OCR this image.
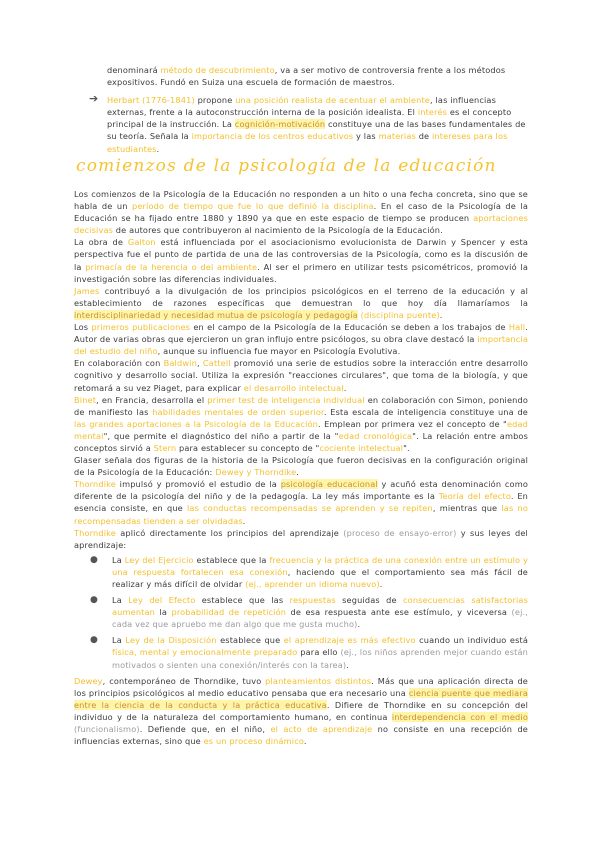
denominará método de descubrimiento, va a ser motivo de controversia frente a los métodos expositivos. Fundó en Suiza una escuela de formación de maestros.
➔ Herbart (1776-1841) propone una posición realista de acentuar el ambiente, las influencias externas, frente a la autoconstrucción interna de la posición idealista. El interés es el concepto principal de la instrucción. La cognición-motivación constituye una de las bases fundamentales de su teoría. Señala la importancia de los centros educativos y las materias de intereses para los estudiantes.
comienzos de la psicología de la educación

Los comienzos de la Psicología de la Educación no responden a un hito o una fecha concreta, sino que se habla de un período de tiempo que fue lo que definió la disciplina. En el caso de la Psicología de la Educación se ha fijado entre 1880 y 1890 ya que en este espacio de tiempo se producen aportaciones decisivas de autores que contribuyeron al nacimiento de la Psicología de la Educación.

La obra de Galton está influenciada por el asociacionismo evolucionista de Darwin y Spencer y esta perspectiva fue el punto de partida de una de las controversias de la Psicología, como es la discusión de la primacía de la herencia o del ambiente. Al ser el primero en utilizar tests psicométricos, promovió la investigación sobre las diferencias individuales.

James contribuyó a la divulgación de los principios psicológicos en el terreno de la educación y al establecimiento de razones específicas que demuestran lo que hoy día llamaríamos la interdisciplinariedad y necesidad mutua de psicología y pedagogía (disciplina puente).

Los primeros publicaciones en el campo de la Psicología de la Educación se deben a los trabajos de Hall. Autor de varias obras que ejercieron un gran influjo entre psicólogos, su obra clave destacó la importancia del estudio del niño, aunque su influencia fue mayor en Psicología Evolutiva.

En colaboración con Baldwin, Cattell promovió una serie de estudios sobre la interacción entre desarrollo cognitivo y desarrollo social. Utiliza la expresión "reacciones circulares", que toma de la biología, y que retomará a su vez Piaget, para explicar el desarrollo intelectual.

Binet, en Francia, desarrolla el primer test de inteligencia individual en colaboración con Simon, poniendo de manifiesto las habilidades mentales de orden superior. Esta escala de inteligencia constituye una de las grandes aportaciones a la Psicología de la Educación. Emplean por primera vez el concepto de "edad mental", que permite el diagnóstico del niño a partir de la "edad cronológica". La relación entre ambos conceptos sirvió a Stern para establecer su concepto de "cociente intelectual".

Glaser señala dos figuras de la historia de la Psicología que fueron decisivas en la configuración original de la Psicología de la Educación: Dewey y Thorndike.

Thorndike impulsó y promovió el estudio de la psicología educacional y acuñó esta denominación como diferente de la psicología del niño y de la pedagogía. La ley más importante es la Teoría del efecto. En esencia consiste, en que las conductas recompensadas se aprenden y se repiten, mientras que las no recompensadas tienden a ser olvidadas.

Thorndike aplicó directamente los principios del aprendizaje (proceso de ensayo-error) y sus leyes del aprendizaje:

● La Ley del Ejercicio establece que la frecuencia y la práctica de una conexión entre un estímulo y una respuesta fortalecen esa conexión, haciendo que el comportamiento sea más fácil de realizar y más difícil de olvidar (ej., aprender un idioma nuevo).
● La Ley del Efecto establece que las respuestas seguidas de consecuencias satisfactorias aumentan la probabilidad de repetición de esa respuesta ante ese estímulo, y viceversa (ej., cada vez que apruebo me dan algo que me gusta mucho).
● La Ley de la Disposición establece que el aprendizaje es más efectivo cuando un individuo está física, mental y emocionalmente preparado para ello (ej., los niños aprenden mejor cuando están motivados o sienten una conexión/interés con la tarea).

Dewey, contemporáneo de Thorndike, tuvo planteamientos distintos. Más que una aplicación directa de los principios psicológicos al medio educativo pensaba que era necesario una ciencia puente que mediara entre la ciencia de la conducta y la práctica educativa. Difiere de Thorndike en su concepción del individuo y de la naturaleza del comportamiento humano, en continua interdependencia con el medio (funcionalismo). Defiende que, en el niño, el acto de aprendizaje no consiste en una recepción de influencias externas, sino que es un proceso dinámico.
